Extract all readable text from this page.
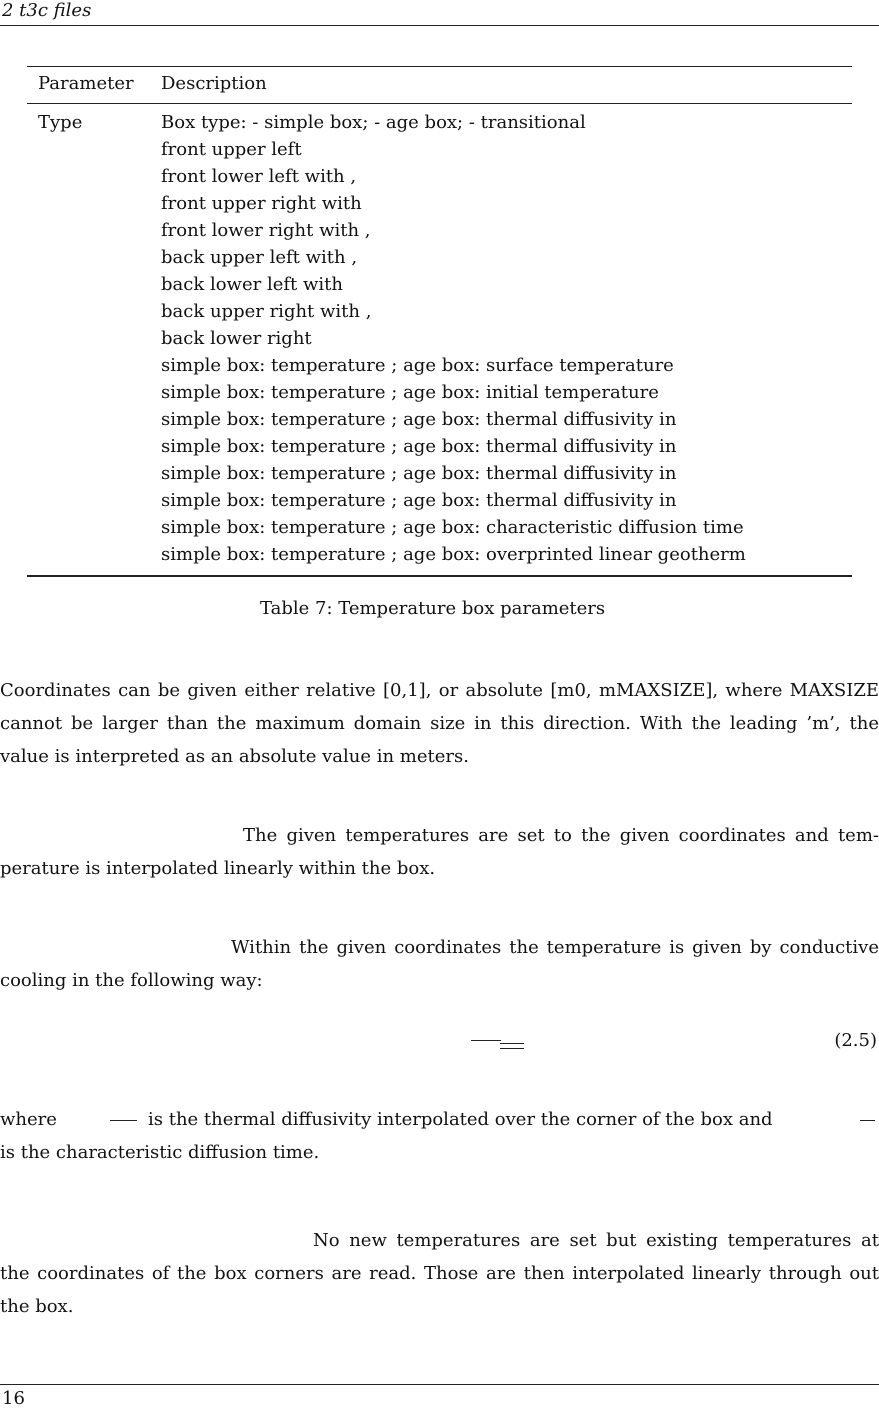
2 t3c files
Parameter Description
Type	Box type: - simple box; - age box; - transitional
front upper left
front lower left with ,
front upper right with
front lower right with ,
back upper left with ,
back lower left with
back upper right with ,
back lower right
simple box: temperature ; age box: surface temperature
simple box: temperature ; age box: initial temperature
simple box: temperature ; age box: thermal diffusivity in
simple box: temperature ; age box: thermal diffusivity in
simple box: temperature ; age box: thermal diffusivity in
simple box: temperature ; age box: thermal diffusivity in
simple box: temperature ; age box: characteristic diffusion time
simple box: temperature ; age box: overprinted linear geotherm
Table 7: Temperature box parameters
Coordinates can be given either relative [0,1], or absolute [m0, mMAXSIZE], where MAXSIZE
cannot be larger than the maximum domain size in this direction. With the leading ’m’, the
value is interpreted as an absolute value in meters.
The given temperatures are set to the given coordinates and tem-
perature is interpolated linearly within the box.
Within the given coordinates the temperature is given by conductive
cooling in the following way:
(2.5)
where	is the thermal diffusivity interpolated over the corner of the box and
is the characteristic diffusion time.
No new temperatures are set but existing temperatures at
the coordinates of the box corners are read. Those are then interpolated linearly through out
the box.
16
